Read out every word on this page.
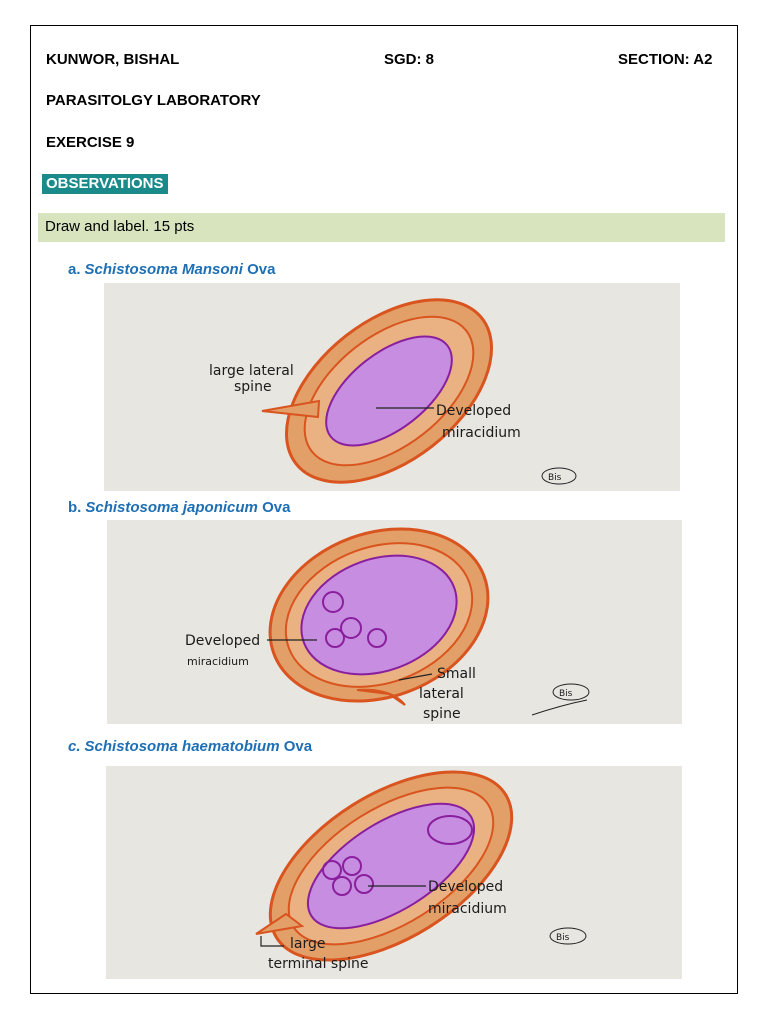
KUNWOR, BISHAL	SGD: 8	SECTION: A2
PARASITOLGY LABORATORY
EXERCISE 9
OBSERVATIONS
Draw and label. 15 pts
a. Schistosoma Mansoni Ova
large lateral
spine
Developed
miracidium
Bis
b. Schistosoma japonicum Ova
Developed
miracidium
Small
lateral
spine
Bis
c. Schistosoma haematobium Ova
Developed
miracidium
large
terminal spine
Bis
